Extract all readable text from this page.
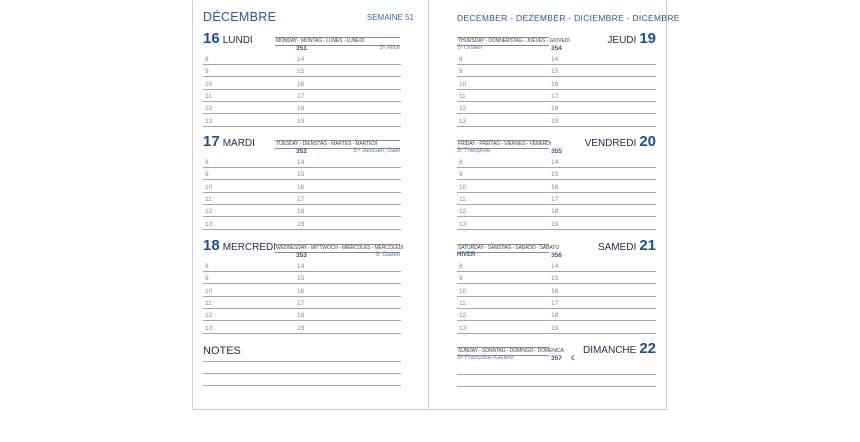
DÉCEMBRE	SEMAINE 51
NOTES
16 LUNDI	MONDAY - MONTAG - LUNES - LUNEDÌ
351	Sᵉ Alice
8	14
9	15
10	16
11	17
12	18
13	19
17 MARDI	TUESDAY - DIENSTAG - MARTES - MARTEDÌ
352	Sᵗˢ Judicaël, Gaël
8	14
9	15
10	16
11	17
12	18
13	19
18 MERCREDI WEDNESDAY - MITTWOCH - MIÉRCOLES - MERCOLEDÌ
353	Sᵗ Gatien
8	14
9	15
10	16
11	17
12	18
13	19
DECEMBER - DEZEMBER - DICIEMBRE - DICEMBRE
JEUDI 19
THURSDAY - DONNERSTAG - JUEVES - GIOVEDÌ
354
Sᵗ Urbain
8	14
9	15
10	16
11	17
12	18
13	19
VENDREDI 20
FRIDAY - FREITAG - VIERNES - VENERDÌ
355
Sᵗ Théophile
8	14
9	15
10	16
11	17
12	18
13	19
SAMEDI 21
SATURDAY - SAMSTAG - SÁBADO - SABATO
356
HIVER
8	14
9	15
10	16
11	17
12	18
13	19
DIMANCHE 22
SUNDAY - SONNTAG - DOMINGO - DOMENICA
357
Sᵉ Françoise-Xavière	☾
